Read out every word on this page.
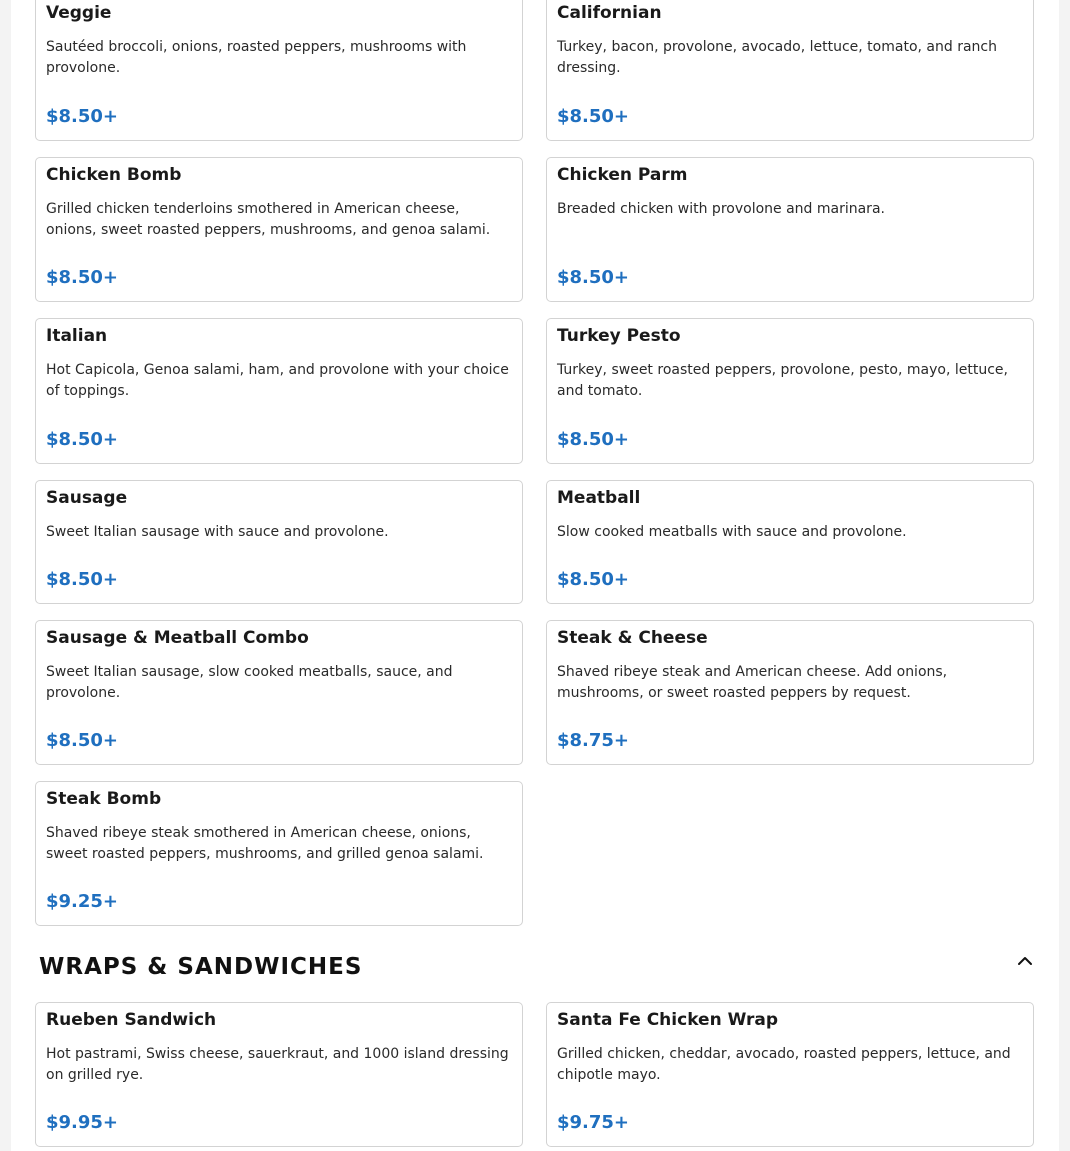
Veggie
Sautéed broccoli, onions, roasted peppers, mushrooms with provolone.
$8.50+
Californian
Turkey, bacon, provolone, avocado, lettuce, tomato, and ranch dressing.
$8.50+
Chicken Bomb
Grilled chicken tenderloins smothered in American cheese, onions, sweet roasted peppers, mushrooms, and genoa salami.
$8.50+
Chicken Parm
Breaded chicken with provolone and marinara.
$8.50+
Italian
Hot Capicola, Genoa salami, ham, and provolone with your choice of toppings.
$8.50+
Turkey Pesto
Turkey, sweet roasted peppers, provolone, pesto, mayo, lettuce, and tomato.
$8.50+
Sausage
Sweet Italian sausage with sauce and provolone.
$8.50+
Meatball
Slow cooked meatballs with sauce and provolone.
$8.50+
Sausage & Meatball Combo
Sweet Italian sausage, slow cooked meatballs, sauce, and provolone.
$8.50+
Steak & Cheese
Shaved ribeye steak and American cheese. Add onions, mushrooms, or sweet roasted peppers by request.
$8.75+
Steak Bomb
Shaved ribeye steak smothered in American cheese, onions, sweet roasted peppers, mushrooms, and grilled genoa salami.
$9.25+
WRAPS & SANDWICHES
Rueben Sandwich
Hot pastrami, Swiss cheese, sauerkraut, and 1000 island dressing on grilled rye.
$9.95+
Santa Fe Chicken Wrap
Grilled chicken, cheddar, avocado, roasted peppers, lettuce, and chipotle mayo.
$9.75+
